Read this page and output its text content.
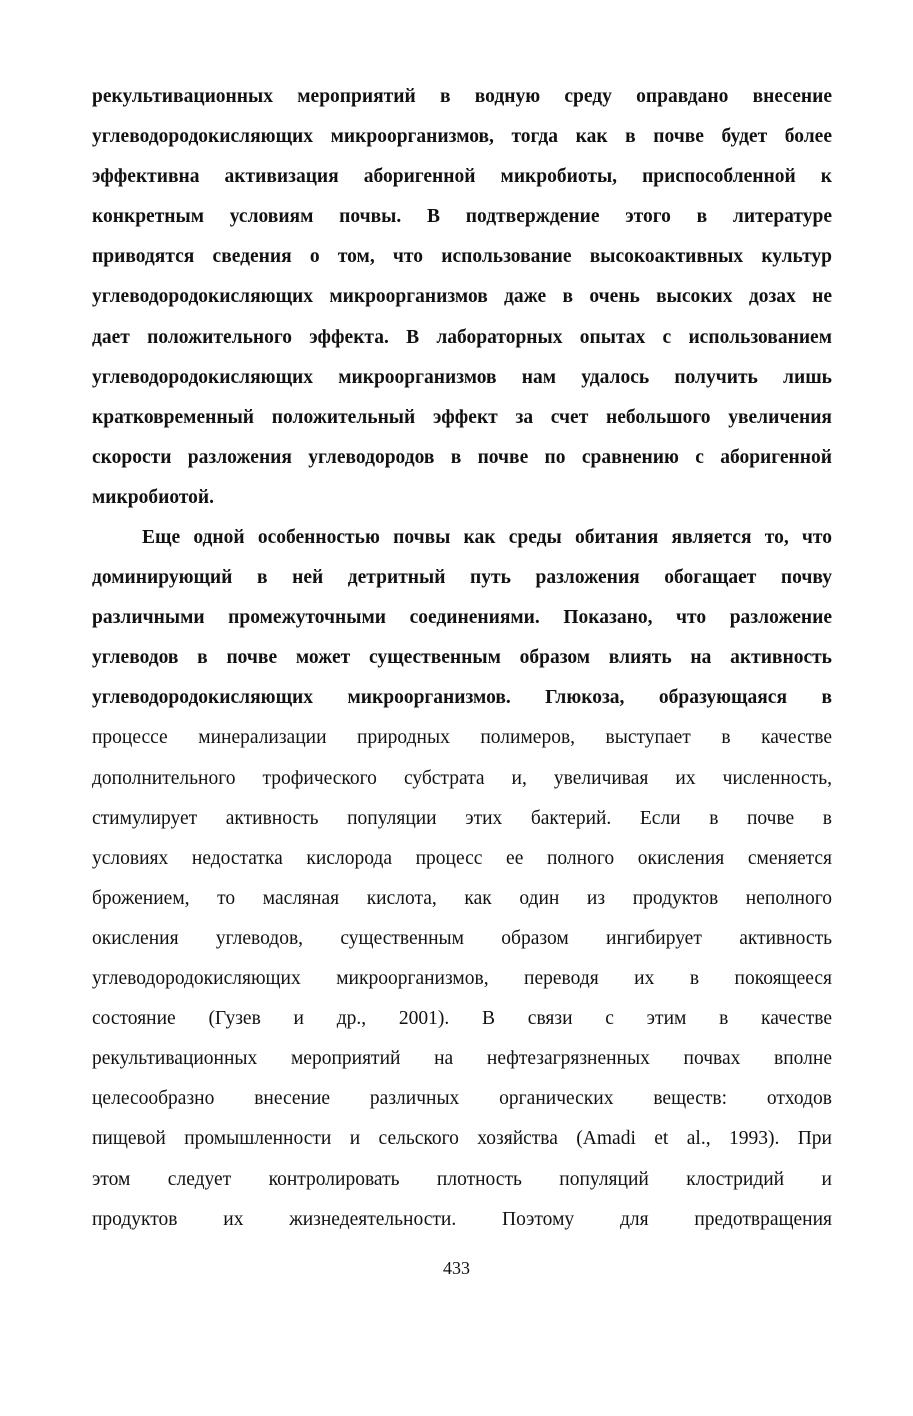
рекультивационных мероприятий в водную среду оправдано внесение
углеводородокисляющих микроорганизмов, тогда как в почве будет более
эффективна активизация аборигенной микробиоты, приспособленной к
конкретным условиям почвы. В подтверждение этого в литературе
приводятся сведения о том, что использование высокоактивных культур
углеводородокисляющих микроорганизмов даже в очень высоких дозах не
дает положительного эффекта. В лабораторных опытах с использованием
углеводородокисляющих микроорганизмов нам удалось получить лишь
кратковременный положительный эффект за счет небольшого увеличения
скорости разложения углеводородов в почве по сравнению с аборигенной
микробиотой.
Еще одной особенностью почвы как среды обитания является то, что
доминирующий в ней детритный путь разложения обогащает почву
различными промежуточными соединениями. Показано, что разложение
углеводов в почве может существенным образом влиять на активность
углеводородокисляющих микроорганизмов. Глюкоза, образующаяся в
процессе минерализации природных полимеров, выступает в качестве
дополнительного трофического субстрата и, увеличивая их численность,
стимулирует активность популяции этих бактерий. Если в почве в
условиях недостатка кислорода процесс ее полного окисления сменяется
брожением, то масляная кислота, как один из продуктов неполного
окисления углеводов, существенным образом ингибирует активность
углеводородокисляющих микроорганизмов, переводя их в покоящееся
состояние (Гузев и др., 2001). В связи с этим в качестве
рекультивационных мероприятий на нефтезагрязненных почвах вполне
целесообразно внесение различных органических веществ: отходов
пищевой промышленности и сельского хозяйства (Amadi et al., 1993). При
этом следует контролировать плотность популяций клостридий и
продуктов их жизнедеятельности. Поэтому для предотвращения
433
